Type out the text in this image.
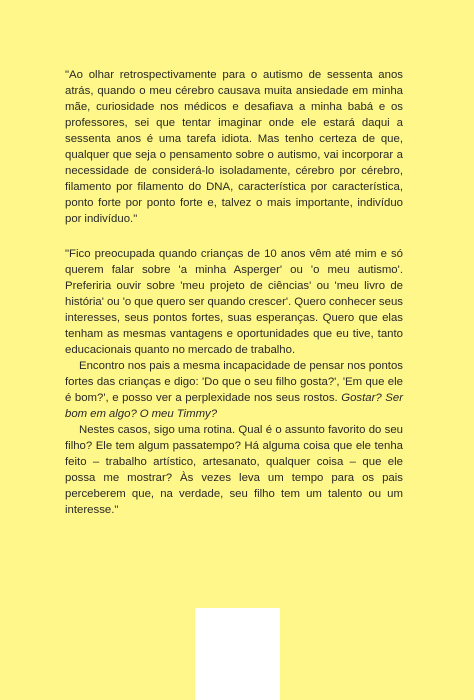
"Ao olhar retrospectivamente para o autismo de sessenta anos atrás, quando o meu cérebro causava muita ansiedade em minha mãe, curiosidade nos médicos e desafiava a minha babá e os professores, sei que tentar imaginar onde ele estará daqui a sessenta anos é uma tarefa idiota. Mas tenho certeza de que, qualquer que seja o pensamento sobre o autismo, vai incorporar a necessidade de considerá-lo isoladamente, cérebro por cérebro, filamento por filamento do DNA, característica por característica, ponto forte por ponto forte e, talvez o mais importante, indivíduo por indivíduo."

"Fico preocupada quando crianças de 10 anos vêm até mim e só querem falar sobre 'a minha Asperger' ou 'o meu autismo'. Preferiria ouvir sobre 'meu projeto de ciências' ou 'meu livro de história' ou 'o que quero ser quando crescer'. Quero conhecer seus interesses, seus pontos fortes, suas esperanças. Quero que elas tenham as mesmas vantagens e oportunidades que eu tive, tanto educacionais quanto no mercado de trabalho.

Encontro nos pais a mesma incapacidade de pensar nos pontos fortes das crianças e digo: 'Do que o seu filho gosta?', 'Em que ele é bom?', e posso ver a perplexidade nos seus rostos. Gostar? Ser bom em algo? O meu Timmy?

Nestes casos, sigo uma rotina. Qual é o assunto favorito do seu filho? Ele tem algum passatempo? Há alguma coisa que ele tenha feito – trabalho artístico, artesanato, qualquer coisa – que ele possa me mostrar? Às vezes leva um tempo para os pais perceberem que, na verdade, seu filho tem um talento ou um interesse."
